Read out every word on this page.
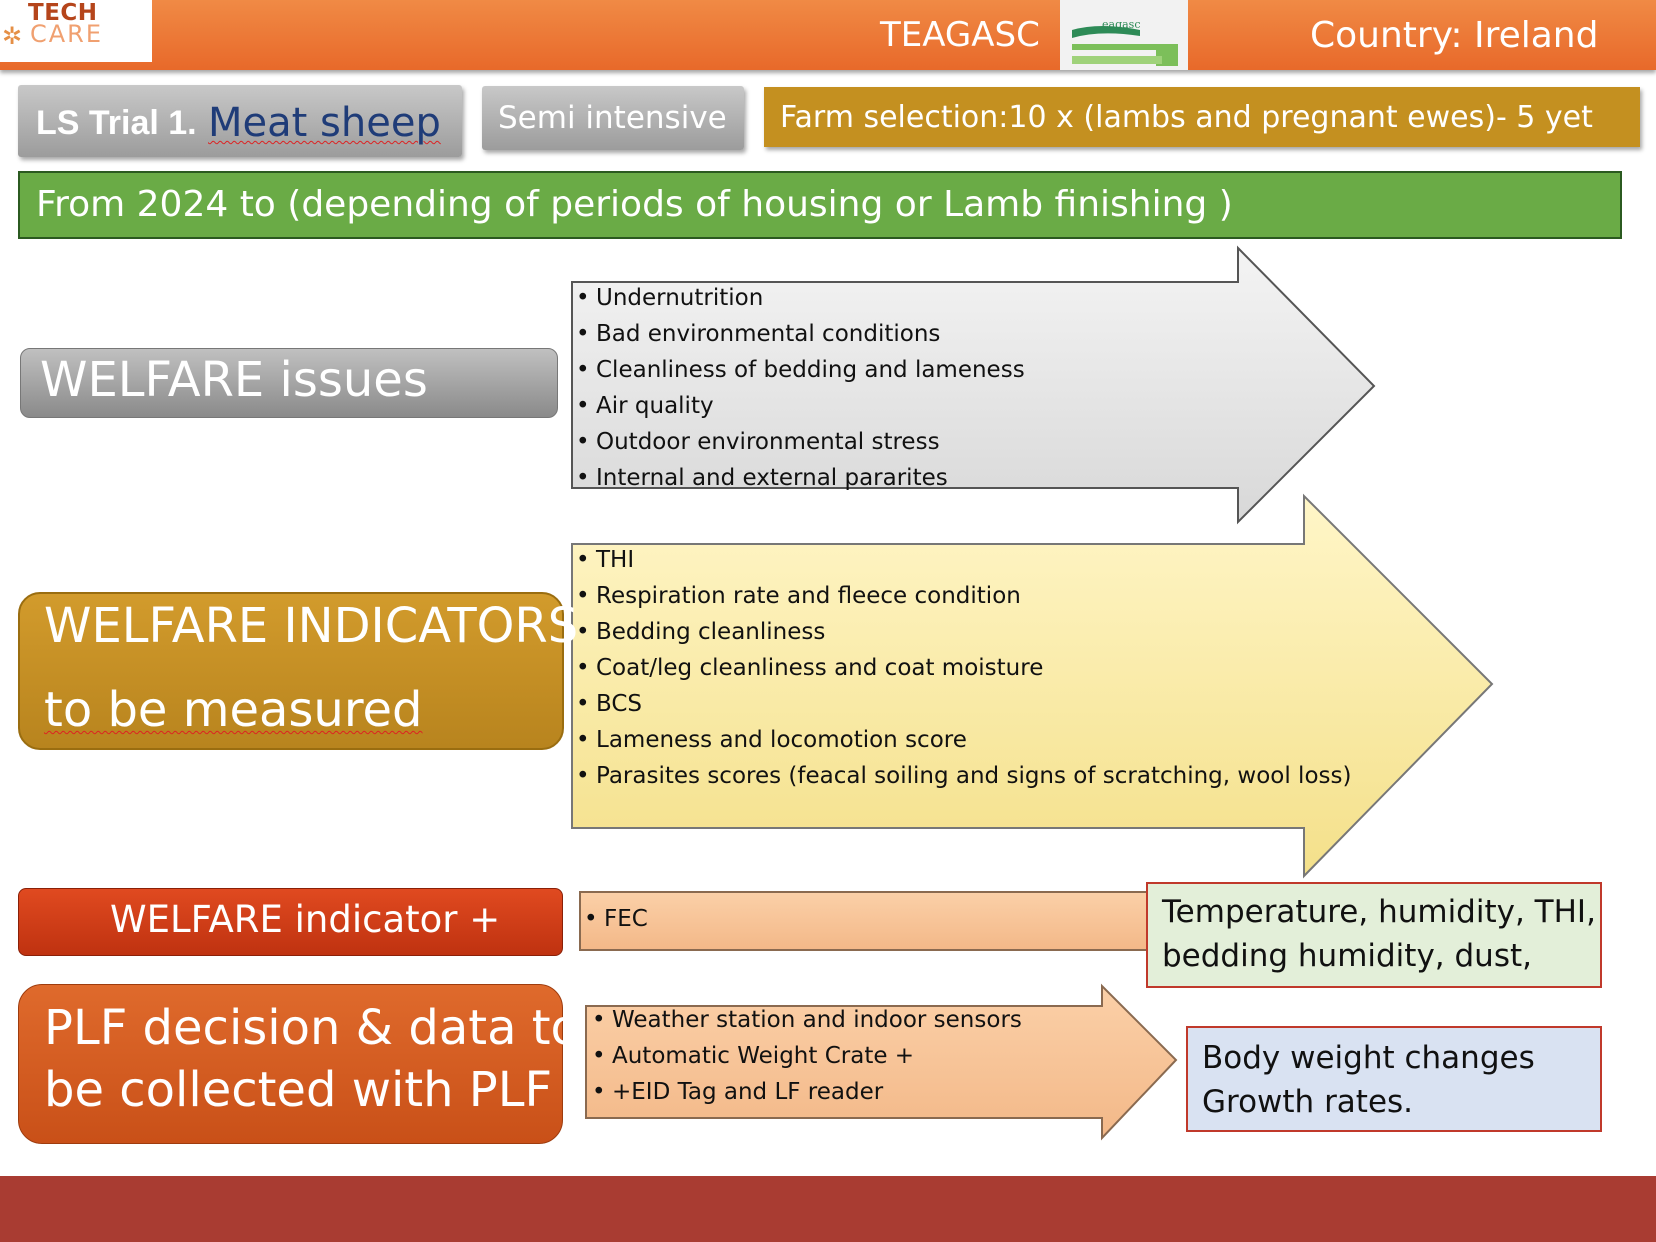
✲
TECH
CARE	TEAGASC	eagasc	Country: Ireland
LS Trial 1. Meat sheep Semi intensive Farm selection:10 x (lambs and pregnant ewes)- 5 yet
From 2024 to (depending of periods of housing or Lamb finishing )
WELFARE issues
WELFARE INDICATORS
to be measured
WELFARE indicator +
PLF decision & data to
be collected with PLF
• Undernutrition
• Bad environmental conditions
• Cleanliness of bedding and lameness
• Air quality
• Outdoor environmental stress
• Internal and external pararites
• THI
• Respiration rate and fleece condition
• Bedding cleanliness
• Coat/leg cleanliness and coat moisture
• BCS
• Lameness and locomotion score
• Parasites scores (feacal soiling and signs of scratching, wool loss)
• FEC
• Weather station and indoor sensors
• Automatic Weight Crate +
• +EID Tag and LF reader
Temperature, humidity, THI, bedding humidity, dust,
Body weight changes
Growth rates.
